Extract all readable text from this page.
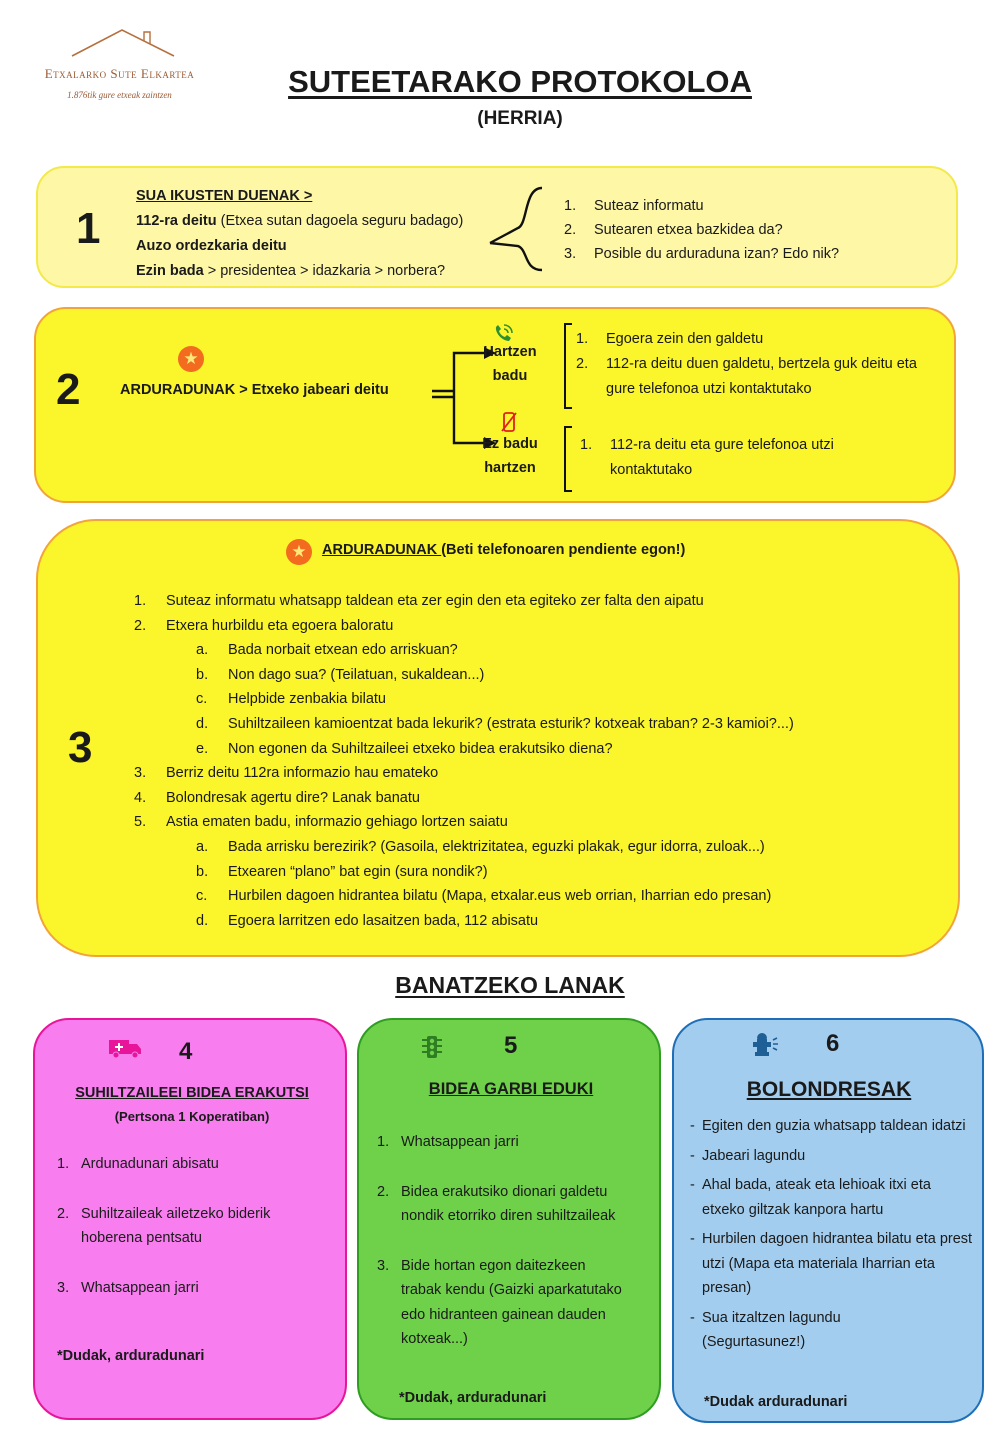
Etxalarko Sute Elkartea
1.876tik gure etxeak zaintzen	SUTEETARAKO PROTOKOLOA
(HERRIA)
1
SUA IKUSTEN DUENAK >
112-ra deitu (Etxea sutan dagoela seguru badago)
Auzo ordezkaria deitu
Ezin bada > presidentea > idazkaria > norbera?
1.	Suteaz informatu
2.	Sutearen etxea bazkidea da?
3.	Posible du arduraduna izan? Edo nik?
2
★
ARDURADUNAK > Etxeko jabeari deitu
Hartzen badu
Ez badu hartzen
1.	Egoera zein den galdetu
2.	112-ra deitu duen galdetu, bertzela guk deitu eta gure telefonoa utzi kontaktutako
1.	112-ra deitu eta gure telefonoa utzi kontaktutako
3
★	ARDURADUNAK (Beti telefonoaren pendiente egon!)
1.	Suteaz informatu whatsapp taldean eta zer egin den eta egiteko zer falta den aipatu
2.	Etxera hurbildu eta egoera baloratu
a.	Bada norbait etxean edo arriskuan?
b.	Non dago sua? (Teilatuan, sukaldean...)
c.	Helpbide zenbakia bilatu
d.	Suhiltzaileen kamioentzat bada lekurik? (estrata esturik? kotxeak traban? 2-3 kamioi?...)
e.	Non egonen da Suhiltzaileei etxeko bidea erakutsiko diena?
3.	Berriz deitu 112ra informazio hau emateko
4.	Bolondresak agertu dire? Lanak banatu
5.	Astia ematen badu, informazio gehiago lortzen saiatu
a.	Bada arrisku berezirik? (Gasoila, elektrizitatea, eguzki plakak, egur idorra, zuloak...)
b.	Etxearen “plano” bat egin (sura nondik?)
c.	Hurbilen dagoen hidrantea bilatu (Mapa, etxalar.eus web orrian, Iharrian edo presan)
d.	Egoera larritzen edo lasaitzen bada, 112 abisatu
BANATZEKO LANAK
4
SUHILTZAILEEI BIDEA ERAKUTSI
(Pertsona 1 Koperatiban)
1. Ardunadunari abisatu
2. Suhiltzaileak ailetzeko biderik hoberena pentsatu
3. Whatsappean jarri
*Dudak, arduradunari
5
BIDEA GARBI EDUKI
1. Whatsappean jarri
2. Bidea erakutsiko dionari galdetu nondik etorriko diren suhiltzaileak
3. Bide hortan egon daitezkeen trabak kendu (Gaizki aparkatutako edo hidranteen gainean dauden kotxeak...)
*Dudak, arduradunari
6
BOLONDRESAK
- Egiten den guzia whatsapp taldean idatzi
- Jabeari lagundu
- Ahal bada, ateak eta lehioak itxi eta etxeko giltzak kanpora hartu
- Hurbilen dagoen hidrantea bilatu eta prest utzi (Mapa eta materiala Iharrian eta presan)
- Sua itzaltzen lagundu (Segurtasunez!)
*Dudak arduradunari
